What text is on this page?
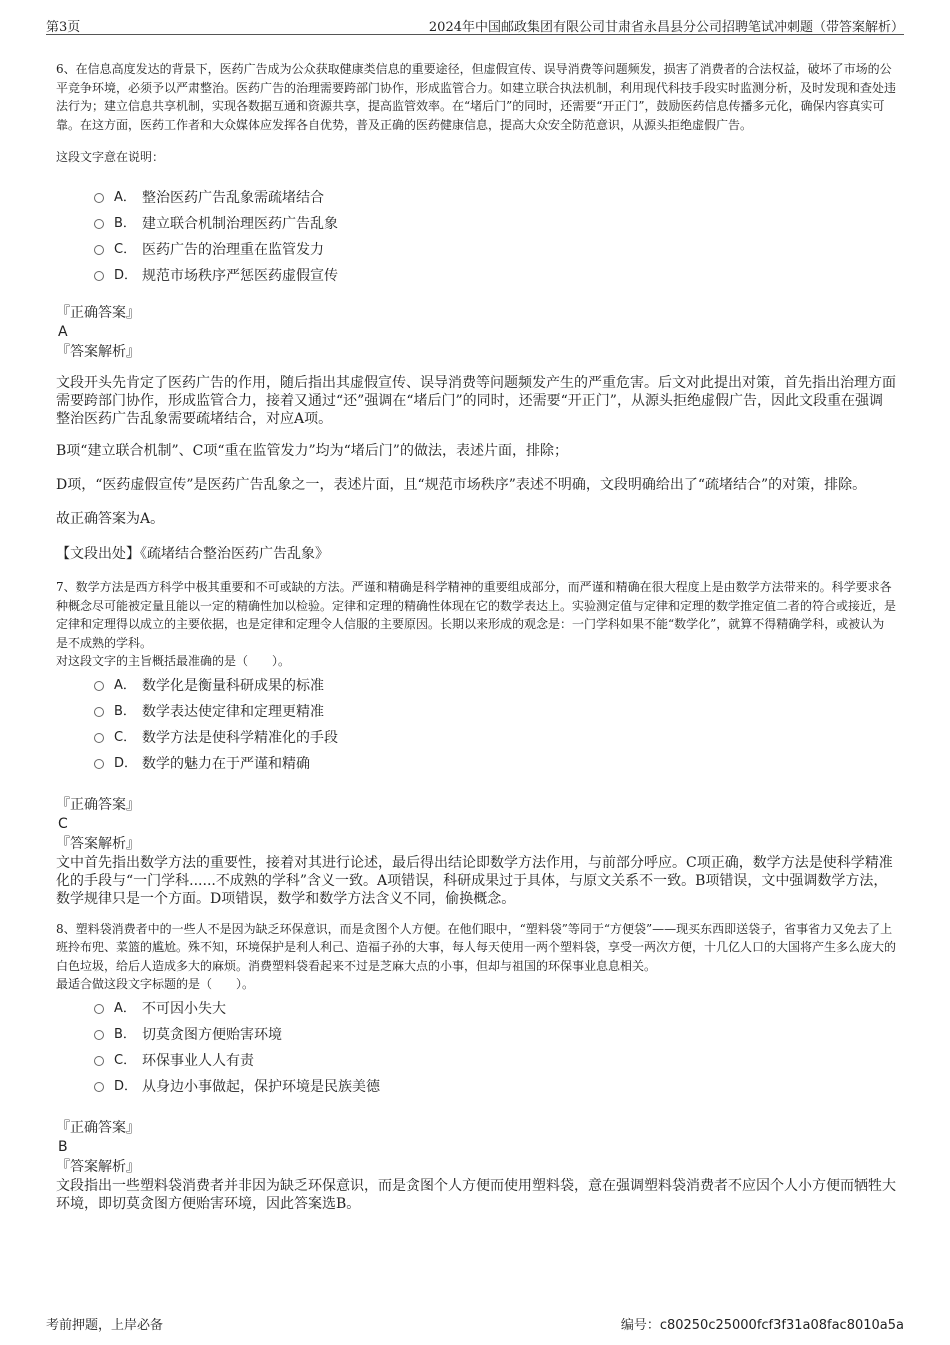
第3页	2024年中国邮政集团有限公司甘肃省永昌县分公司招聘笔试冲刺题（带答案解析）

6、在信息高度发达的背景下，医药广告成为公众获取健康类信息的重要途径，但虚假宣传、误导消费等问题频发，损害了消费者的合法权益，破坏了市场的公平竞争环境，必须予以严肃整治。医药广告的治理需要跨部门协作，形成监管合力。如建立联合执法机制，利用现代科技手段实时监测分析，及时发现和查处违法行为；建立信息共享机制，实现各数据互通和资源共享，提高监管效率。在“堵后门”的同时，还需要“开正门”，鼓励医药信息传播多元化，确保内容真实可靠。在这方面，医药工作者和大众媒体应发挥各自优势，普及正确的医药健康信息，提高大众安全防范意识，从源头拒绝虚假广告。

这段文字意在说明：

A． 整治医药广告乱象需疏堵结合
B． 建立联合机制治理医药广告乱象
C． 医药广告的治理重在监管发力
D． 规范市场秩序严惩医药虚假宣传

『正确答案』

A

『答案解析』

文段开头先肯定了医药广告的作用，随后指出其虚假宣传、误导消费等问题频发产生的严重危害。后文对此提出对策，首先指出治理方面需要跨部门协作，形成监管合力，接着又通过“还”强调在“堵后门”的同时，还需要“开正门”，从源头拒绝虚假广告，因此文段重在强调整治医药广告乱象需要疏堵结合，对应A项。

B项“建立联合机制”、C项“重在监管发力”均为“堵后门”的做法，表述片面，排除；

D项，“医药虚假宣传”是医药广告乱象之一，表述片面，且“规范市场秩序”表述不明确，文段明确给出了“疏堵结合”的对策，排除。

故正确答案为A。

【文段出处】《疏堵结合整治医药广告乱象》

7、数学方法是西方科学中极其重要和不可或缺的方法。严谨和精确是科学精神的重要组成部分，而严谨和精确在很大程度上是由数学方法带来的。科学要求各种概念尽可能被定量且能以一定的精确性加以检验。定律和定理的精确性体现在它的数学表达上。实验测定值与定律和定理的数学推定值二者的符合或接近，是定律和定理得以成立的主要依据，也是定律和定理令人信服的主要原因。长期以来形成的观念是：一门学科如果不能“数学化”，就算不得精确学科，或被认为是不成熟的学科。

对这段文字的主旨概括最准确的是（　　）。

A． 数学化是衡量科研成果的标准
B． 数学表达使定律和定理更精准
C． 数学方法是使科学精准化的手段
D． 数学的魅力在于严谨和精确

『正确答案』

C

『答案解析』

文中首先指出数学方法的重要性，接着对其进行论述，最后得出结论即数学方法作用，与前部分呼应。C项正确，数学方法是使科学精准化的手段与“一门学科......不成熟的学科”含义一致。A项错误，科研成果过于具体，与原文关系不一致。B项错误，文中强调数学方法，数学规律只是一个方面。D项错误，数学和数学方法含义不同，偷换概念。

8、塑料袋消费者中的一些人不是因为缺乏环保意识，而是贪图个人方便。在他们眼中，“塑料袋”等同于“方便袋”——现买东西即送袋子，省事省力又免去了上班拎布兜、菜篮的尴尬。殊不知，环境保护是利人利己、造福子孙的大事，每人每天使用一两个塑料袋，享受一两次方便，十几亿人口的大国将产生多么庞大的白色垃圾，给后人造成多大的麻烦。消费塑料袋看起来不过是芝麻大点的小事，但却与祖国的环保事业息息相关。

最适合做这段文字标题的是（　　）。

A． 不可因小失大
B． 切莫贪图方便贻害环境
C． 环保事业人人有责
D． 从身边小事做起，保护环境是民族美德

『正确答案』

B

『答案解析』

文段指出一些塑料袋消费者并非因为缺乏环保意识，而是贪图个人方便而使用塑料袋，意在强调塑料袋消费者不应因个人小方便而牺牲大环境，即切莫贪图方便贻害环境，因此答案选B。

考前押题，上岸必备	编号：c80250c25000fcf3f31a08fac8010a5a
